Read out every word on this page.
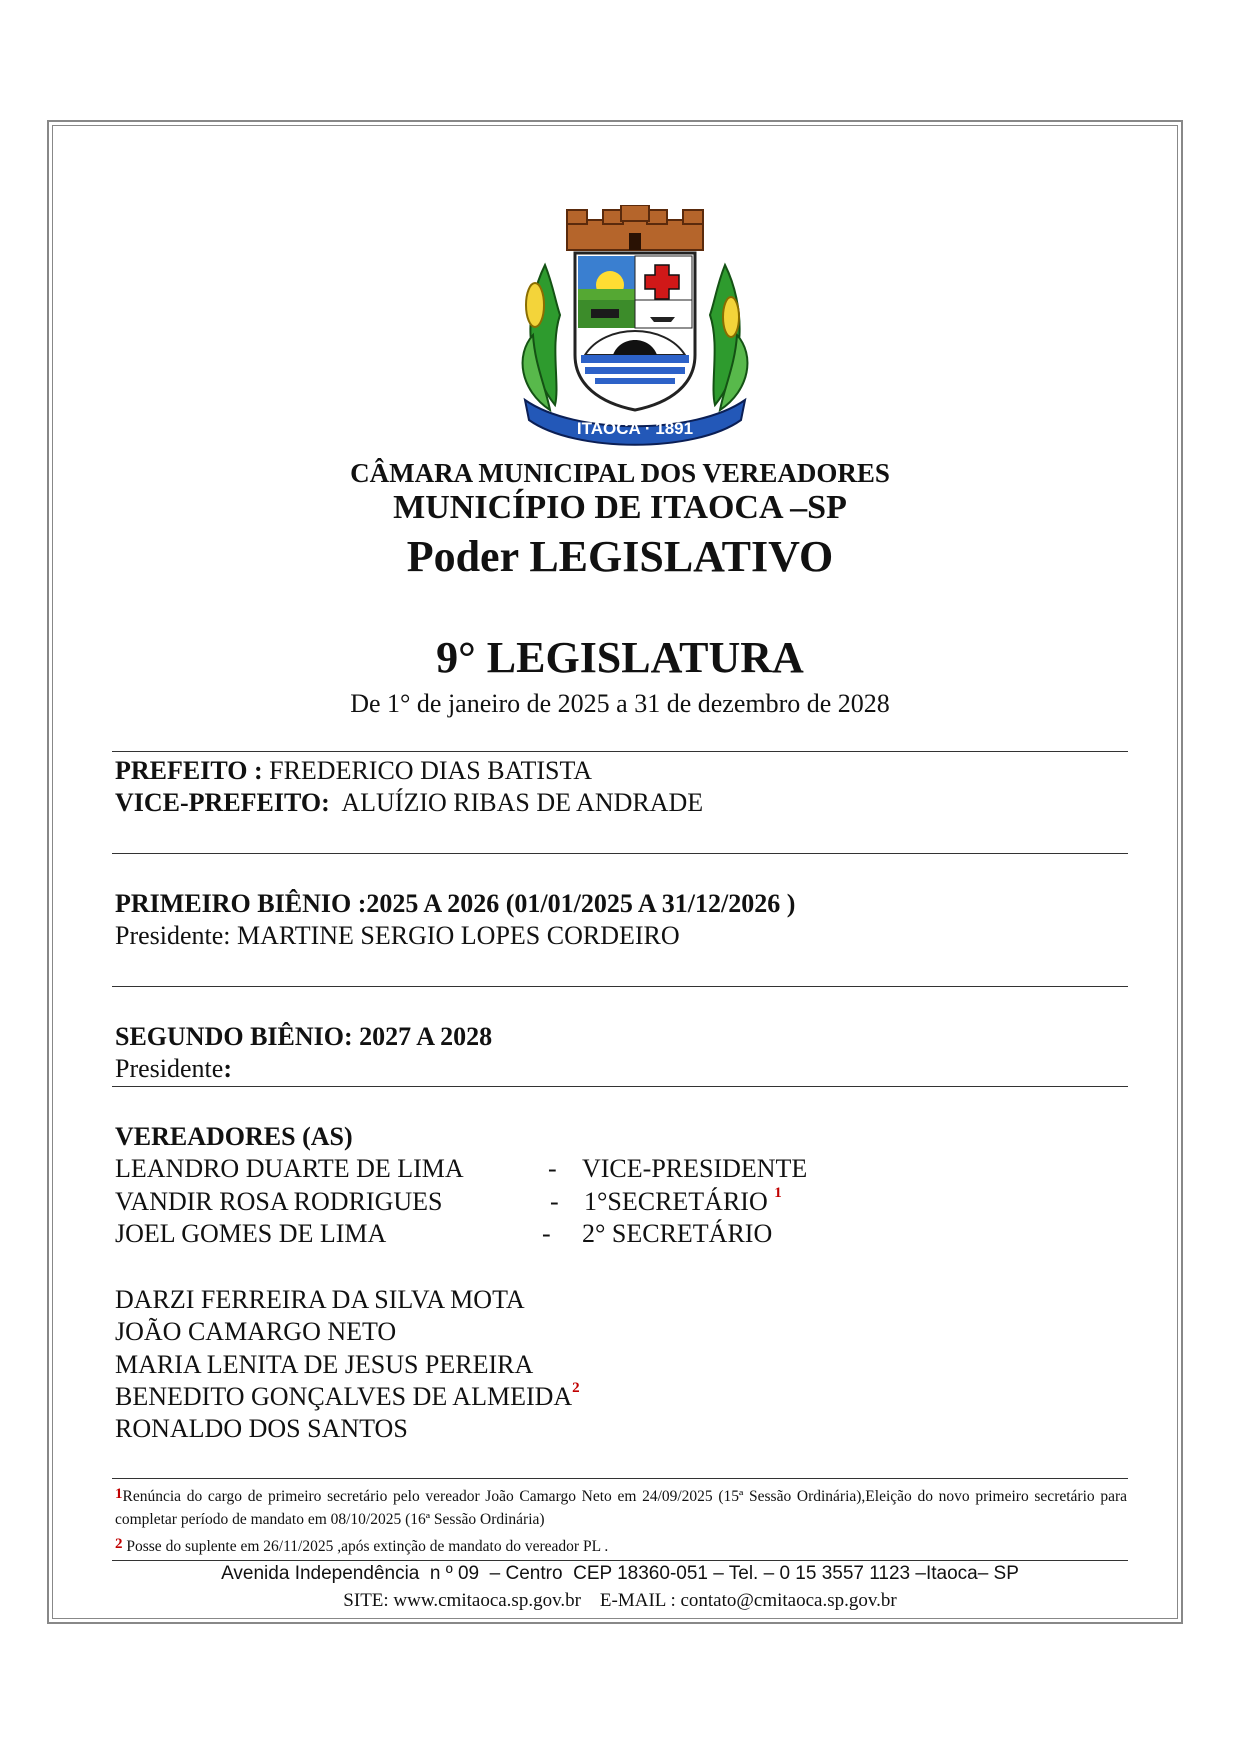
ITAOCA · 1891
CÂMARA MUNICIPAL DOS VEREADORES
MUNICÍPIO DE ITAOCA –SP
Poder LEGISLATIVO
9° LEGISLATURA
De 1° de janeiro de 2025 a 31 de dezembro de 2028
PREFEITO : FREDERICO DIAS BATISTA
VICE-PREFEITO:  ALUÍZIO RIBAS DE ANDRADE
PRIMEIRO BIÊNIO :2025 A 2026 (01/01/2025 A 31/12/2026 )
Presidente: MARTINE SERGIO LOPES CORDEIRO
SEGUNDO BIÊNIO: 2027 A 2028
Presidente:
VEREADORES (AS)
LEANDRO DUARTE DE LIMA	- VICE-PRESIDENTE
VANDIR ROSA RODRIGUES	- 1°SECRETÁRIO $^1$
JOEL GOMES DE LIMA	- 2° SECRETÁRIO
DARZI FERREIRA DA SILVA MOTA
JOÃO CAMARGO NETO
MARIA LENITA DE JESUS PEREIRA
BENEDITO GONÇALVES DE ALMEIDA$^2$
RONALDO DOS SANTOS
$^1$Renúncia do cargo de primeiro secretário pelo vereador João Camargo Neto em 24/09/2025 (15ª Sessão Ordinária),Eleição do novo primeiro secretário para completar período de mandato em 08/10/2025 (16ª Sessão Ordinária)
$^2$ Posse do suplente em 26/11/2025 ,após extinção de mandato do vereador PL .
Avenida Independência  n º 09  – Centro  CEP 18360-051 – Tel. – 0 15 3557 1123 –Itaoca– SP
SITE: www.cmitaoca.sp.gov.br    E-MAIL : contato@cmitaoca.sp.gov.br
